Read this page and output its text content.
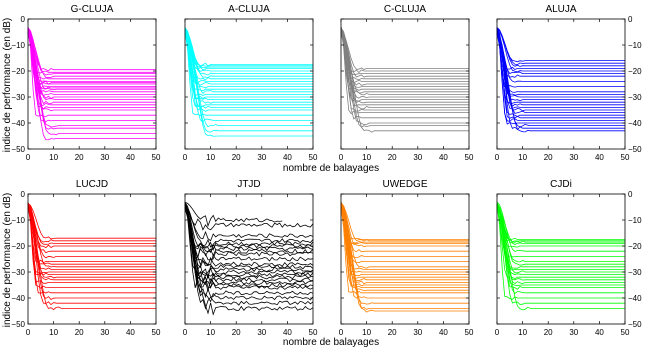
G-CLUJA
0 10 20 30 40 50
0
−10
−20
−30
−40
−50
A-CLUJA
0 10 20 30 40 50
C-CLUJA
0 10 20 30 40 50
ALUJA
0 10 20 30 40 50
0
−10
−20
−30
−40
−50
LUCJD
0 10 20 30 40 50
0
−10
−20
−30
−40
−50
JTJD
0 10 20 30 40 50
UWEDGE
0 10 20 30 40 50
CJDi
0 10 20 30 40 50
0
−10
−20
−30
−40
−50
nombre de balayages
nombre de balayages
indice de performance (en dB)
indice de performance (en dB)
